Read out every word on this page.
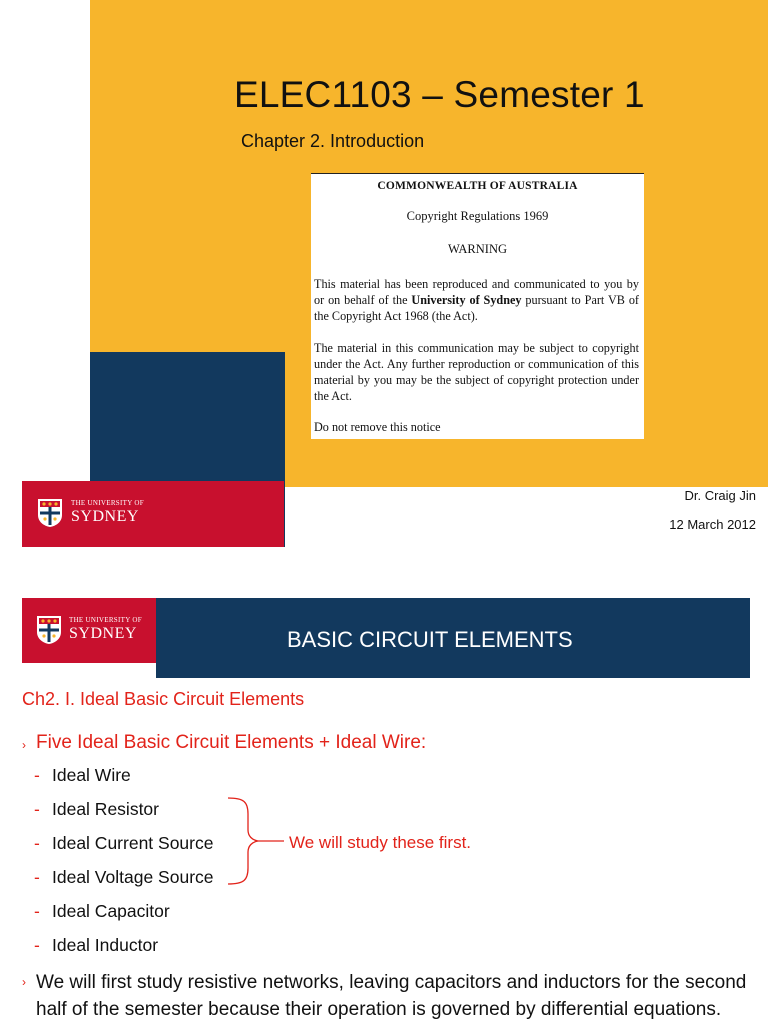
ELEC1103 – Semester 1
Chapter 2. Introduction
COMMONWEALTH OF AUSTRALIA
Copyright Regulations 1969
WARNING
This material has been reproduced and communicated to you by or on behalf of the University of Sydney pursuant to Part VB of the Copyright Act 1968 (the Act).
The material in this communication may be subject to copyright under the Act. Any further reproduction or communication of this material by you may be the subject of copyright protection under the Act.
Do not remove this notice
THE UNIVERSITY OF
SYDNEY
Dr. Craig Jin
12 March 2012
THE UNIVERSITY OF
SYDNEY	BASIC CIRCUIT ELEMENTS
Ch2. I. Ideal Basic Circuit Elements
› Five Ideal Basic Circuit Elements + Ideal Wire:
- Ideal Wire
- Ideal Resistor
- Ideal Current Source
- Ideal Voltage Source
- Ideal Capacitor
- Ideal Inductor
We will study these first.
› We will first study resistive networks, leaving capacitors and inductors for the second half of the semester because their operation is governed by differential equations.
